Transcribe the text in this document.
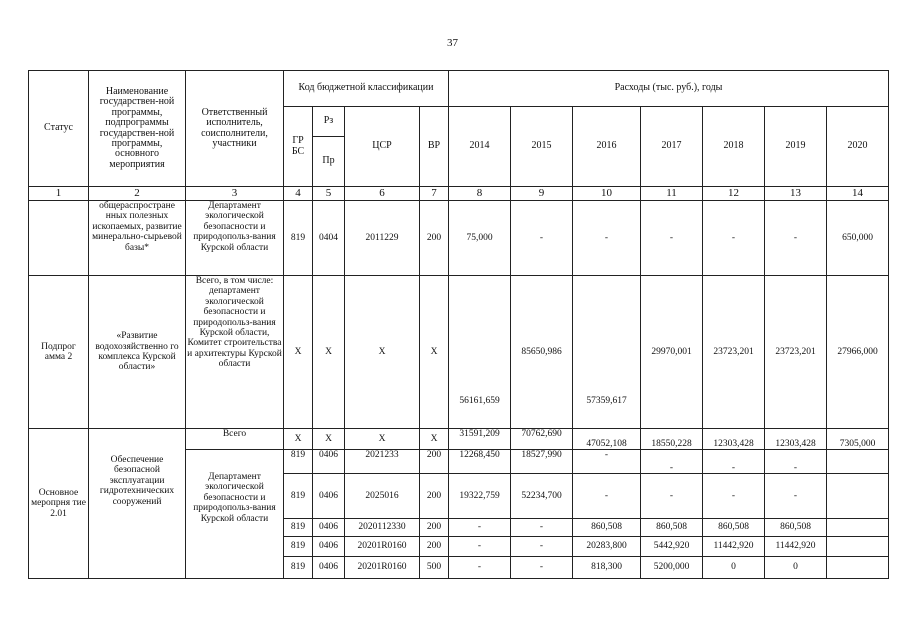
37
Статус	Наименование государствен-ной программы, подпрограммы государствен-ной программы, основного мероприятия	Ответственный исполнитель, соисполнители, участники	Код бюджетной классификации				Расходы (тыс. руб.), годы						
			ГР БС	Рз	ЦСР	ВР	2014	2015	2016	2017	2018	2019	2020
				Пр									
1	2	3	4	5	6	7	8	9	10	11	12	13	14
	общераспростране нных полезных ископаемых, развитие минерально-сырьевой базы*	Департамент экологической безопасности и природопольз-вания Курской области	819	0404	2011229	200	75,000	-	-	-	-	-	650,000
Подпрог амма 2	«Развитие водохозяйственно го комплекса Курской области»	Всего, в том числе: департамент экологической безопасности и природопольз-вания Курской области, Комитет строительства и архитектуры Курской области	X	X	X	X	56161,659	85650,986	57359,617	29970,001	23723,201	23723,201	27966,000
Основное меропрня тие 2.01	Обеспечение безопасной эксплуатации гидротехнических сооружений	Всего	X	X	X	X	31591,209	70762,690	47052,108	18550,228	12303,428	12303,428	7305,000
		Департамент экологической безопасности и природопольз-вания Курской области	819	0406	2021233	200	12268,450	18527,990	-	-	-	-	
			819	0406	2025016	200	19322,759	52234,700	-	-	-	-	
			819	0406	2020112330	200	-	-	860,508	860,508	860,508	860,508	
			819	0406	20201R0160	200	-	-	20283,800	5442,920	11442,920	11442,920	
			819	0406	20201R0160	500	-	-	818,300	5200,000	0	0	
